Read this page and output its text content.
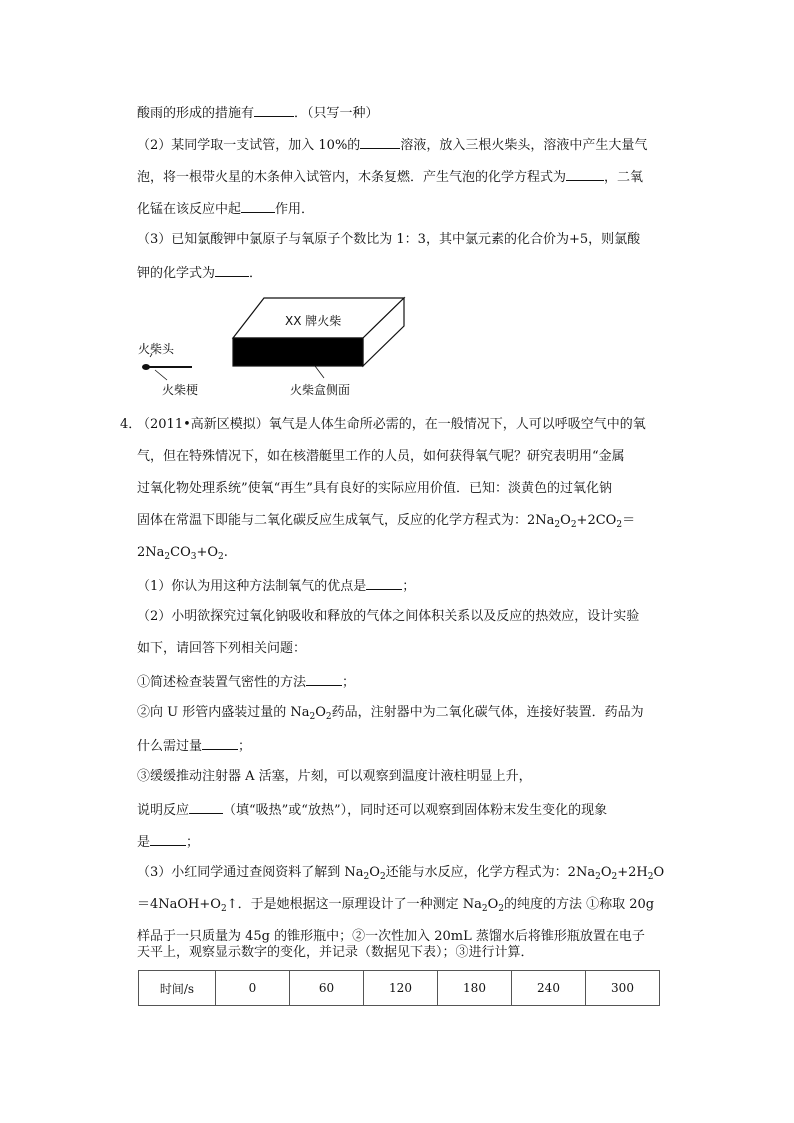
酸雨的形成的措施有	．（只写一种）
（2）某同学取一支试管，加入 10%的	溶液，放入三根火柴头，溶液中产生大量气
泡，将一根带火星的木条伸入试管内，木条复燃．产生气泡的化学方程式为	，二氧
化锰在该反应中起	作用．
（3）已知氯酸钾中氯原子与氧原子个数比为 1：3，其中氯元素的化合价为+5，则氯酸
钾的化学式为	．
XX 牌火柴
火柴头
火柴梗	火柴盒侧面
4．
（2011•高新区模拟）氧气是人体生命所必需的，在一般情况下，人可以呼吸空气中的氧
气，但在特殊情况下，如在核潜艇里工作的人员，如何获得氧气呢？研究表明用“金属
过氧化物处理系统”使氧“再生”具有良好的实际应用价值．已知：淡黄色的过氧化钠
固体在常温下即能与二氧化碳反应生成氧气，反应的化学方程式为：$2Na_2O_2+2CO_2=$
$2Na_2CO_3+O_2$.
（1）你认为用这种方法制氧气的优点是	；
（2）小明欲探究过氧化钠吸收和释放的气体之间体积关系以及反应的热效应，设计实验
如下，请回答下列相关问题：
①简述检查装置气密性的方法	；
②向 U 形管内盛装过量的 $Na_2O_2$药品，注射器中为二氧化碳气体，连接好装置．药品为
什么需过量	；
③缓缓推动注射器 A 活塞，片刻，可以观察到温度计液柱明显上升，
说明反应	（填“吸热”或“放热”），同时还可以观察到固体粉末发生变化的现象
是	；
（3）小红同学通过查阅资料了解到 $Na_2O_2$还能与水反应，化学方程式为：$2Na_2O_2+2H_2O$
$=4NaOH+O_2↑$．于是她根据这一原理设计了一种测定 $Na_2O_2$的纯度的方法 ①称取 20g
样品于一只质量为 45g 的锥形瓶中；②一次性加入 20mL 蒸馏水后将锥形瓶放置在电子
天平上，观察显示数字的变化，并记录（数据见下表）；③进行计算．
时间/s	0	60	120	180	240	300
